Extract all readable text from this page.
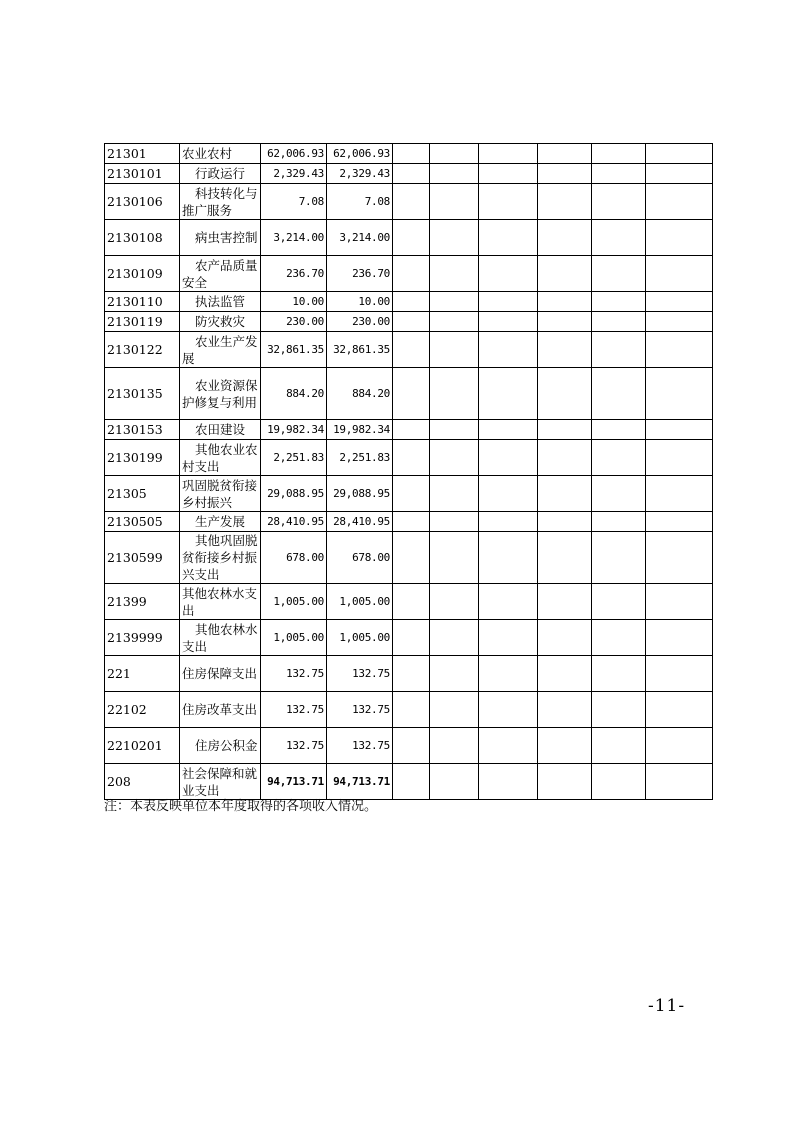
21301	农业农村	62,006.93	62,006.93						
2130101	行政运行	2,329.43	2,329.43						
2130106	科技转化与推广服务	7.08	7.08						
2130108	病虫害控制	3,214.00	3,214.00						
2130109	农产品质量安全	236.70	236.70						
2130110	执法监管	10.00	10.00						
2130119	防灾救灾	230.00	230.00						
2130122	农业生产发展	32,861.35	32,861.35						
2130135	农业资源保护修复与利用	884.20	884.20						
2130153	农田建设	19,982.34	19,982.34						
2130199	其他农业农村支出	2,251.83	2,251.83						
21305	巩固脱贫衔接乡村振兴	29,088.95	29,088.95						
2130505	生产发展	28,410.95	28,410.95						
2130599	其他巩固脱贫衔接乡村振兴支出	678.00	678.00						
21399	其他农林水支出	1,005.00	1,005.00						
2139999	其他农林水支出	1,005.00	1,005.00						
221	住房保障支出	132.75	132.75						
22102	住房改革支出	132.75	132.75						
2210201	住房公积金	132.75	132.75						
208	社会保障和就业支出	94,713.71	94,713.71						
注：本表反映单位本年度取得的各项收入情况。
-11-
